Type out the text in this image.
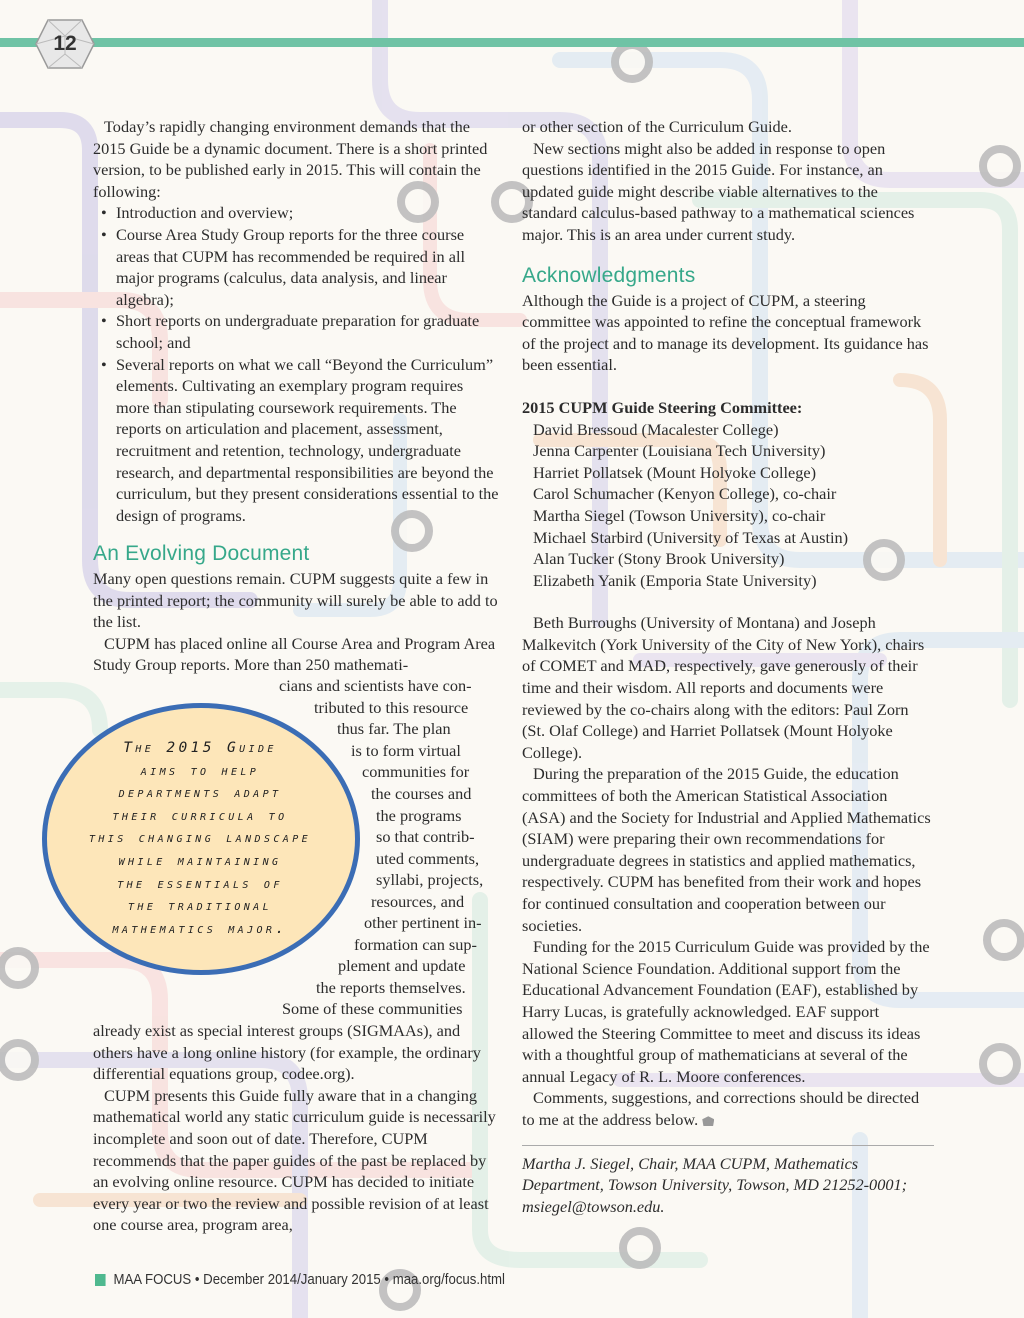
12

Today’s rapidly changing environment demands that the 2015 Guide be a dynamic document. There is a short printed version, to be published early in 2015. This will contain the following:

• Introduction and overview;
• Course Area Study Group reports for the three course areas that CUPM has recommended be required in all major programs (calculus, data analysis, and linear algebra);
• Short reports on undergraduate preparation for graduate school; and
• Several reports on what we call “Beyond the Curriculum” elements. Cultivating an exemplary program requires more than stipulating coursework requirements. The reports on articulation and placement, assessment, recruitment and retention, technology, undergraduate research, and departmental responsibilities are beyond the curriculum, but they present considerations essential to the design of programs.
An Evolving Document

Many open questions remain. CUPM suggests quite a few in the printed report; the community will surely be able to add to the list.

CUPM has placed online all Course Area and Program Area Study Group reports. More than 250 mathemati-

cians and scientists have con-
tributed to this resource
thus far. The plan
is to form virtual
communities for
the courses and
the programs
so that contrib-
uted comments,
syllabi, projects,
resources, and
other pertinent in-
formation can sup-
plement and update
the reports themselves.
Some of these communities

already exist as special interest groups (SIGMAAs), and others have a long online history (for example, the ordinary differential equations group, codee.org).

CUPM presents this Guide fully aware that in a changing mathematical world any static curriculum guide is necessarily incomplete and soon out of date. Therefore, CUPM recommends that the paper guides of the past be replaced by an evolving online resource. CUPM has decided to initiate every year or two the review and possible revision of at least one course area, program area,

The 2015 Guide
aims to help
departments adapt
their curricula to
this changing landscape
while maintaining
the essentials of
the traditional
mathematics major.

or other section of the Curriculum Guide.

New sections might also be added in response to open questions identified in the 2015 Guide. For instance, an updated guide might describe viable alternatives to the standard calculus-based pathway to a mathematical sciences major. This is an area under current study.

Acknowledgments

Although the Guide is a project of CUPM, a steering committee was appointed to refine the conceptual framework of the project and to manage its development. Its guidance has been essential.

2015 CUPM Guide Steering Committee:

David Bressoud (Macalester College)
Jenna Carpenter (Louisiana Tech University)
Harriet Pollatsek (Mount Holyoke College)
Carol Schumacher (Kenyon College), co-chair
Martha Siegel (Towson University), co-chair
Michael Starbird (University of Texas at Austin)
Alan Tucker (Stony Brook University)
Elizabeth Yanik (Emporia State University)

Beth Burroughs (University of Montana) and Joseph Malkevitch (York University of the City of New York), chairs of COMET and MAD, respectively, gave generously of their time and their wisdom. All reports and documents were reviewed by the co-chairs along with the editors: Paul Zorn (St. Olaf College) and Harriet Pollatsek (Mount Holyoke College).

During the preparation of the 2015 Guide, the education committees of both the American Statistical Association (ASA) and the Society for Industrial and Applied Mathematics (SIAM) were preparing their own recommendations for undergraduate degrees in statistics and applied mathematics, respectively. CUPM has benefited from their work and hopes for continued consultation and cooperation between our societies.

Funding for the 2015 Curriculum Guide was provided by the National Science Foundation. Additional support from the Educational Advancement Foundation (EAF), established by Harry Lucas, is gratefully acknowledged. EAF support allowed the Steering Committee to meet and discuss its ideas with a thoughtful group of mathematicians at several of the annual Legacy of R. L. Moore conferences.

Comments, suggestions, and corrections should be directed to me at the address below.

Martha J. Siegel, Chair, MAA CUPM, Mathematics Department, Towson University, Towson, MD 21252-0001; msiegel@towson.edu.

MAA FOCUS • December 2014/January 2015 • maa.org/focus.html
